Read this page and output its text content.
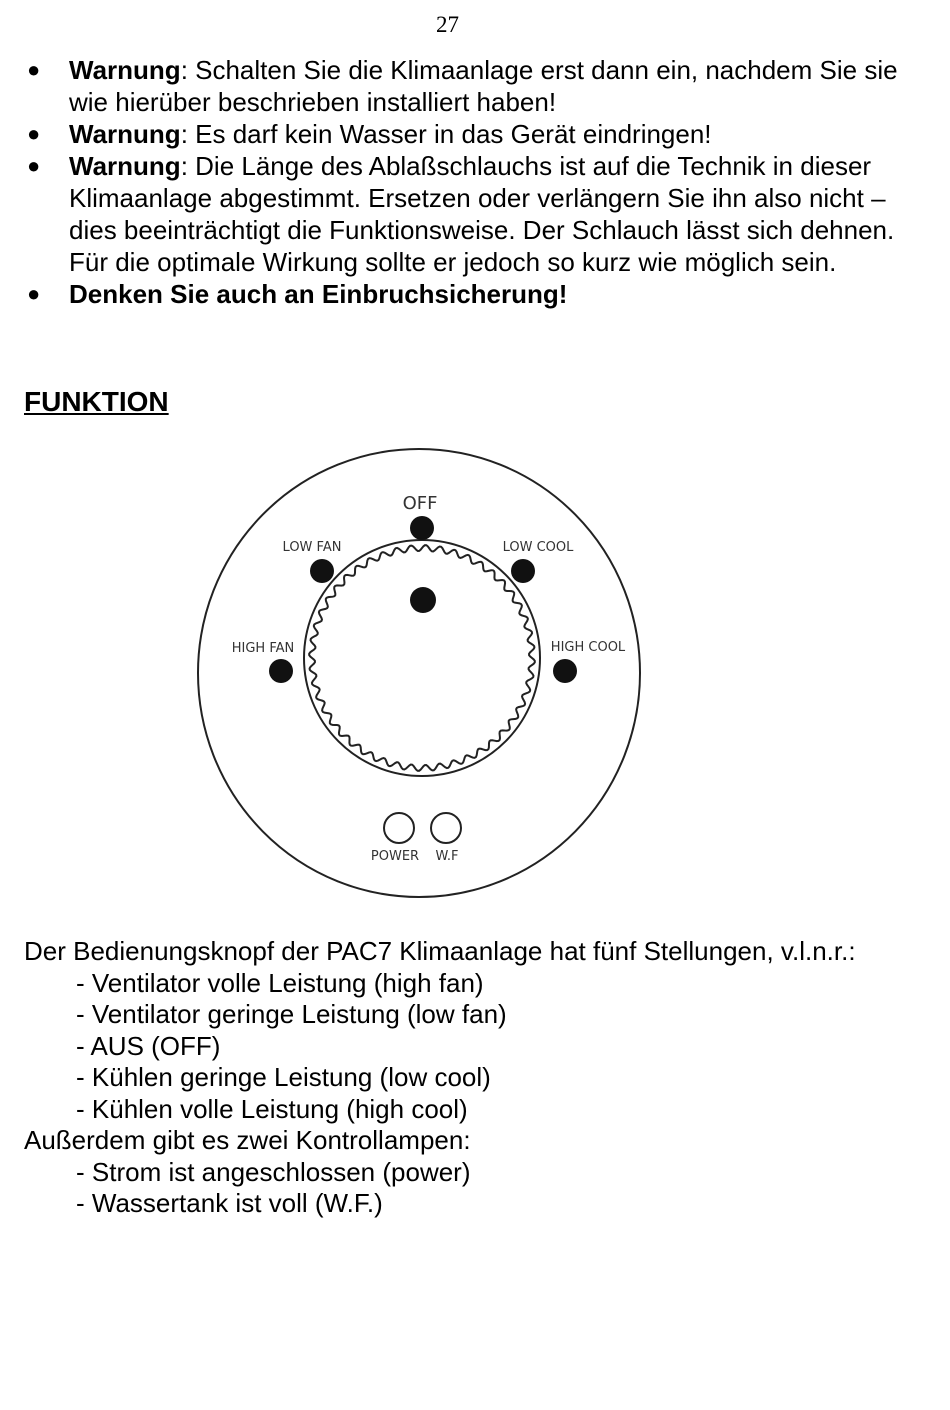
27
● Warnung: Schalten Sie die Klimaanlage erst dann ein, nachdem Sie sie wie hierüber beschrieben installiert haben!
● Warnung: Es darf kein Wasser in das Gerät eindringen!
● Warnung: Die Länge des Ablaßschlauchs ist auf die Technik in dieser Klimaanlage abgestimmt. Ersetzen oder verlängern Sie ihn also nicht – dies beeinträchtigt die Funktionsweise. Der Schlauch lässt sich dehnen. Für die optimale Wirkung sollte er jedoch so kurz wie möglich sein.
● Denken Sie auch an Einbruchsicherung!
FUNKTION
OFF
LOW FAN	LOW COOL
HIGH FAN	HIGH COOL
POWER W.F

Der Bedienungsknopf der PAC7 Klimaanlage hat fünf Stellungen, v.l.n.r.:

- Ventilator volle Leistung (high fan)
- Ventilator geringe Leistung (low fan)
- AUS (OFF)
- Kühlen geringe Leistung (low cool)
- Kühlen volle Leistung (high cool)

Außerdem gibt es zwei Kontrollampen:

- Strom ist angeschlossen (power)
- Wassertank ist voll (W.F.)
